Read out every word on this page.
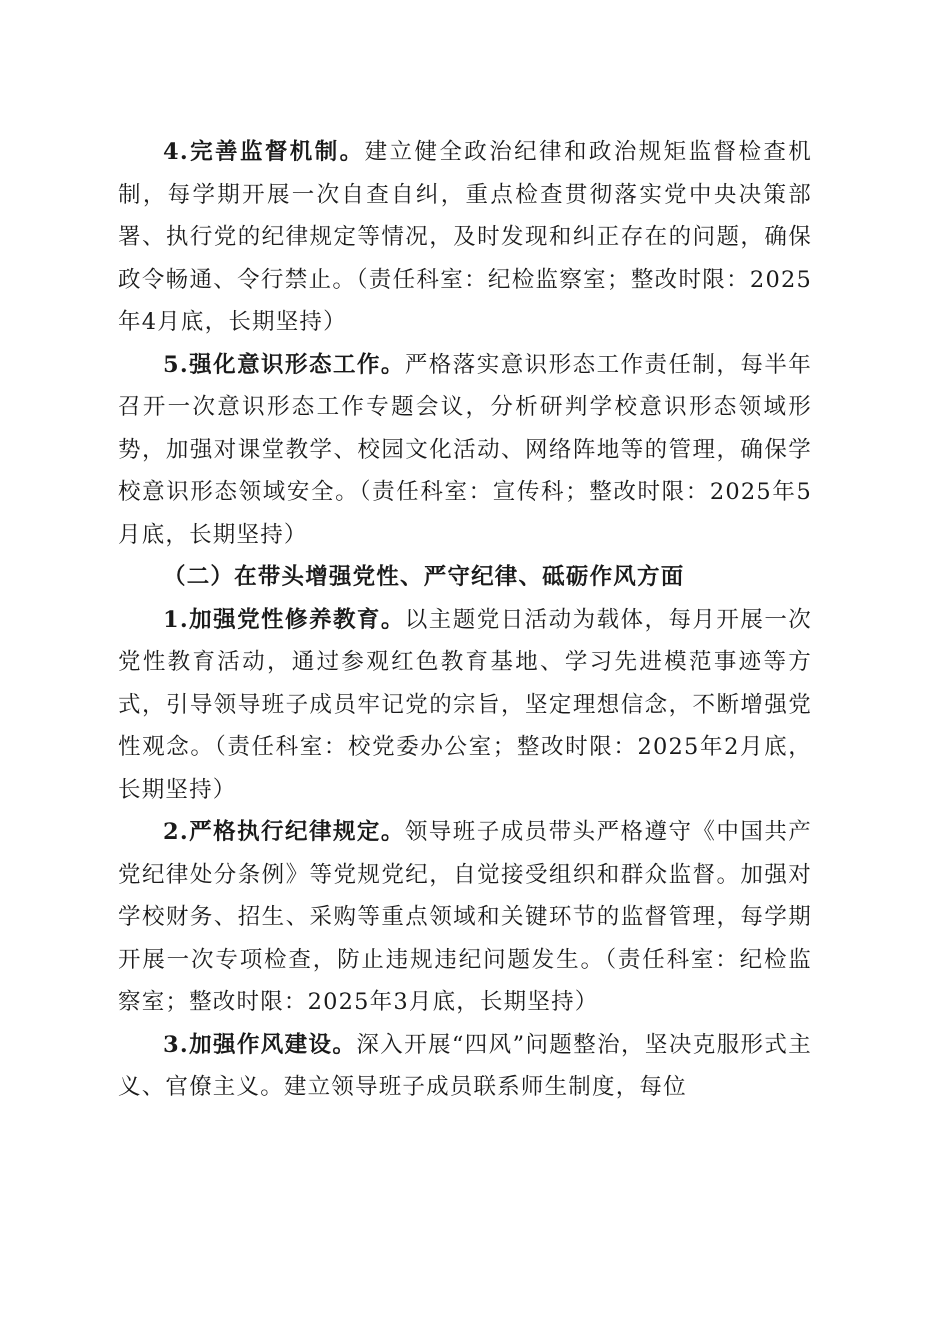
4.完善监督机制。建立健全政治纪律和政治规矩监督检查机制，每学期开展一次自查自纠，重点检查贯彻落实党中央决策部署、执行党的纪律规定等情况，及时发现和纠正存在的问题，确保政令畅通、令行禁止。（责任科室：纪检监察室；整改时限：2025年4月底，长期坚持）

5.强化意识形态工作。严格落实意识形态工作责任制，每半年召开一次意识形态工作专题会议，分析研判学校意识形态领域形势，加强对课堂教学、校园文化活动、网络阵地等的管理，确保学校意识形态领域安全。（责任科室：宣传科；整改时限：2025年5月底，长期坚持）

（二）在带头增强党性、严守纪律、砥砺作风方面

1.加强党性修养教育。以主题党日活动为载体，每月开展一次党性教育活动，通过参观红色教育基地、学习先进模范事迹等方式，引导领导班子成员牢记党的宗旨，坚定理想信念，不断增强党性观念。（责任科室：校党委办公室；整改时限：2025年2月底，长期坚持）

2.严格执行纪律规定。领导班子成员带头严格遵守《中国共产党纪律处分条例》等党规党纪，自觉接受组织和群众监督。加强对学校财务、招生、采购等重点领域和关键环节的监督管理，每学期开展一次专项检查，防止违规违纪问题发生。（责任科室：纪检监察室；整改时限：2025年3月底，长期坚持）

3.加强作风建设。深入开展“四风”问题整治，坚决克服形式主义、官僚主义。建立领导班子成员联系师生制度，每位
